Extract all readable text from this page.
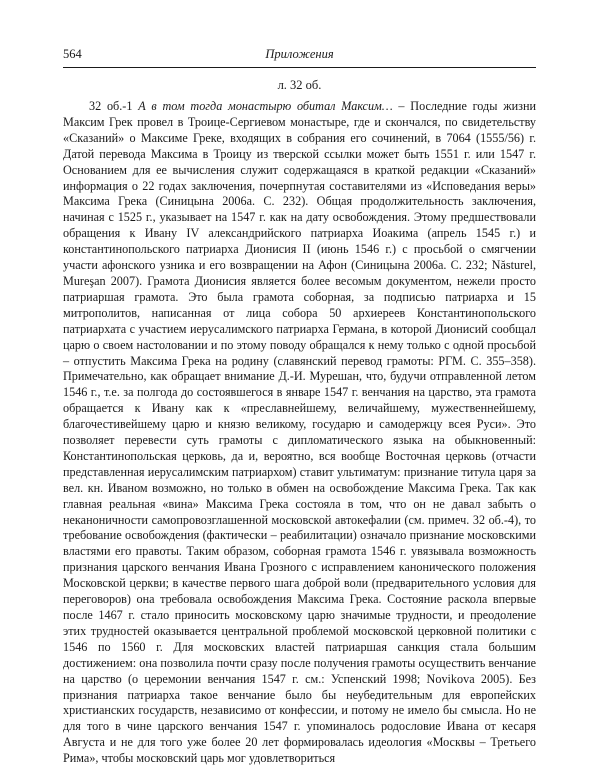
564	Приложения
л. 32 об.

32 об.-1 А в том тогда монастырю обитал Максим… – Последние годы жизни Максим Грек провел в Троице-Сергиевом монастыре, где и скончался, по свидетельству «Сказаний» о Максиме Греке, входящих в собрания его сочинений, в 7064 (1555/56) г. Датой перевода Максима в Троицу из тверской ссылки может быть 1551 г. или 1547 г. Основанием для ее вычисления служит содержащаяся в краткой редакции «Сказаний» информация о 22 годах заключения, почерпнутая составителями из «Исповедания веры» Максима Грека (Синицына 2006а. С. 232). Общая продолжительность заключения, начиная с 1525 г., указывает на 1547 г. как на дату освобождения. Этому предшествовали обращения к Ивану IV александрийского патриарха Иоакима (апрель 1545 г.) и константинопольского патриарха Дионисия II (июнь 1546 г.) с просьбой о смягчении участи афонского узника и его возвращении на Афон (Синицына 2006а. С. 232; Năsturel, Mureşan 2007). Грамота Дионисия является более весомым документом, нежели просто патриаршая грамота. Это была грамота соборная, за подписью патриарха и 15 митрополитов, написанная от лица собора 50 архиереев Константинопольского патриархата с участием иерусалимского патриарха Германа, в которой Дионисий сообщал царю о своем настоловании и по этому поводу обращался к нему только с одной просьбой – отпустить Максима Грека на родину (славянский перевод грамоты: РГМ. С. 355–358). Примечательно, как обращает внимание Д.-И. Мурешан, что, будучи отправленной летом 1546 г., т.е. за полгода до состоявшегося в январе 1547 г. венчания на царство, эта грамота обращается к Ивану как к «преславнейшему, величайшему, мужественнейшему, благочестивейшему царю и князю великому, государю и самодержцу всея Руси». Это позволяет перевести суть грамоты с дипломатического языка на обыкновенный: Константинопольская церковь, да и, вероятно, вся вообще Восточная церковь (отчасти представленная иерусалимским патриархом) ставит ультиматум: признание титула царя за вел. кн. Иваном возможно, но только в обмен на освобождение Максима Грека. Так как главная реальная «вина» Максима Грека состояла в том, что он не давал забыть о неканоничности самопровозглашенной московской автокефалии (см. примеч. 32 об.-4), то требование освобождения (фактически – реабилитации) означало признание московскими властями его правоты. Таким образом, соборная грамота 1546 г. увязывала возможность признания царского венчания Ивана Грозного с исправлением канонического положения Московской церкви; в качестве первого шага доброй воли (предварительного условия для переговоров) она требовала освобождения Максима Грека. Состояние раскола впервые после 1467 г. стало приносить московскому царю значимые трудности, и преодоление этих трудностей оказывается центральной проблемой московской церковной политики с 1546 по 1560 г. Для московских властей патриаршая санкция стала большим достижением: она позволила почти сразу после получения грамоты осуществить венчание на царство (о церемонии венчания 1547 г. см.: Успенский 1998; Novikova 2005). Без признания патриарха такое венчание было бы неубедительным для европейских христианских государств, независимо от конфессии, и потому не имело бы смысла. Но не для того в чине царского венчания 1547 г. упоминалось родословие Ивана от кесаря Августа и не для того уже более 20 лет формировалась идеология «Москвы – Третьего Рима», чтобы московский царь мог удовлетвориться
